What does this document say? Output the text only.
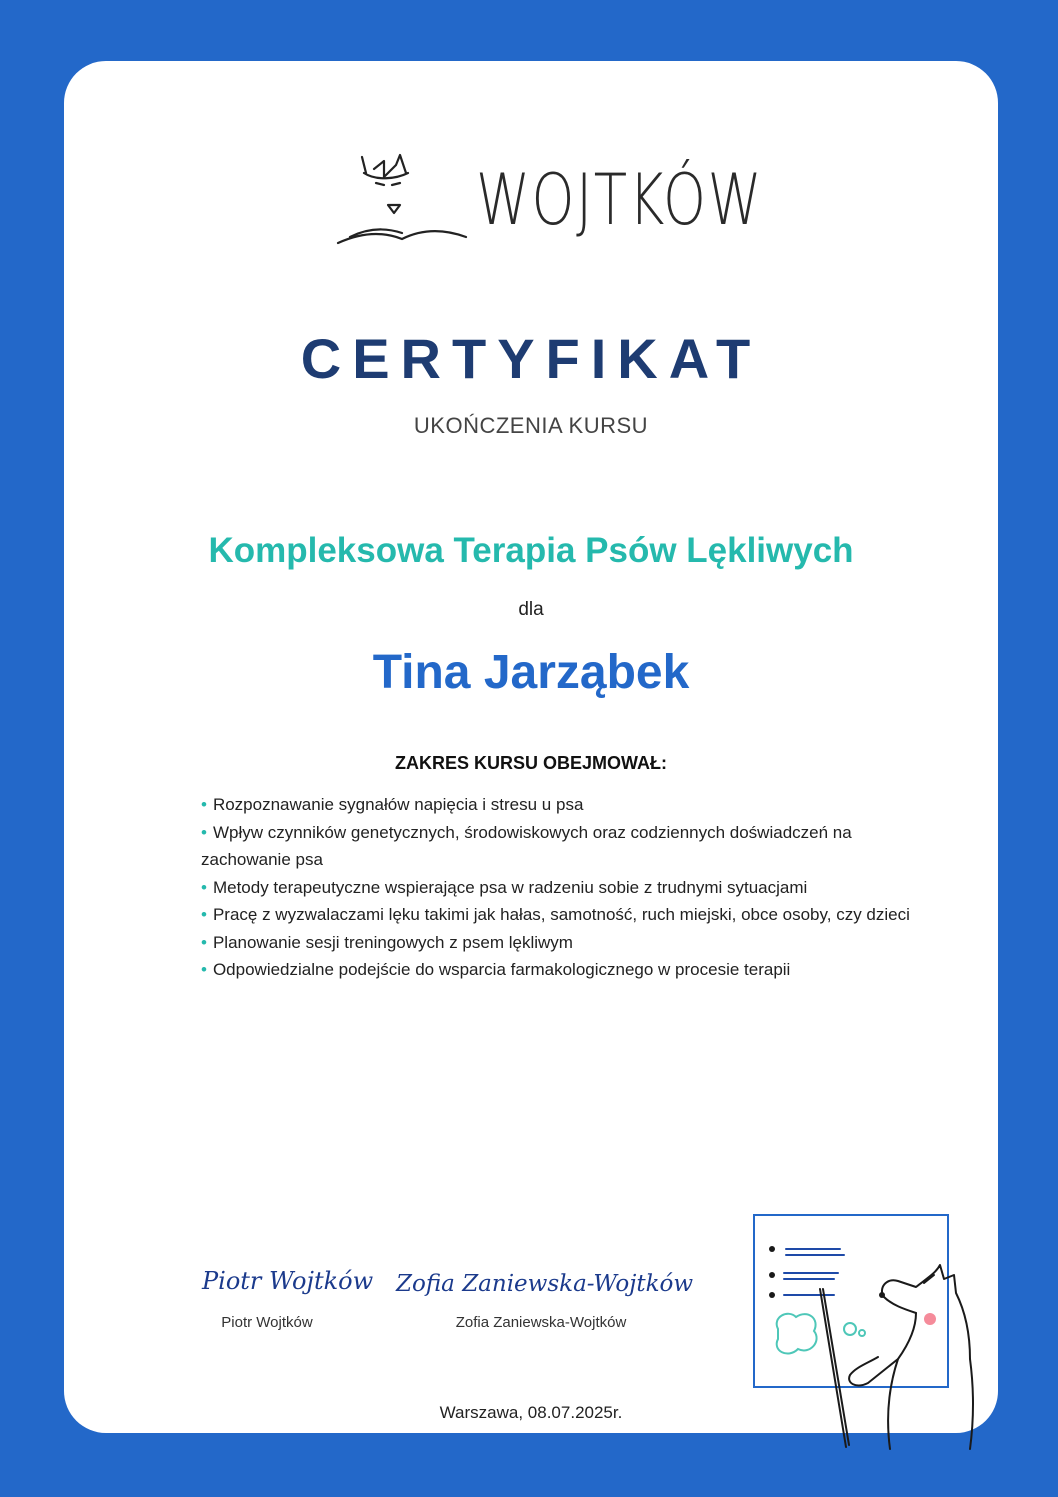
WOJTKÓW
CERTYFIKAT
UKOŃCZENIA KURSU
Kompleksowa Terapia Psów Lękliwych
dla
Tina Jarząbek
ZAKRES KURSU OBEJMOWAŁ:
• Rozpoznawanie sygnałów napięcia i stresu u psa
• Wpływ czynników genetycznych, środowiskowych oraz codziennych doświadczeń na zachowanie psa
• Metody terapeutyczne wspierające psa w radzeniu sobie z trudnymi sytuacjami
• Pracę z wyzwalaczami lęku takimi jak hałas, samotność, ruch miejski, obce osoby, czy dzieci
• Planowanie sesji treningowych z psem lękliwym
• Odpowiedzialne podejście do wsparcia farmakologicznego w procesie terapii
Piotr Wojtków
Piotr Wojtków
Zofia Zaniewska-Wojtków
Zofia Zaniewska-Wojtków
Warszawa, 08.07.2025r.
